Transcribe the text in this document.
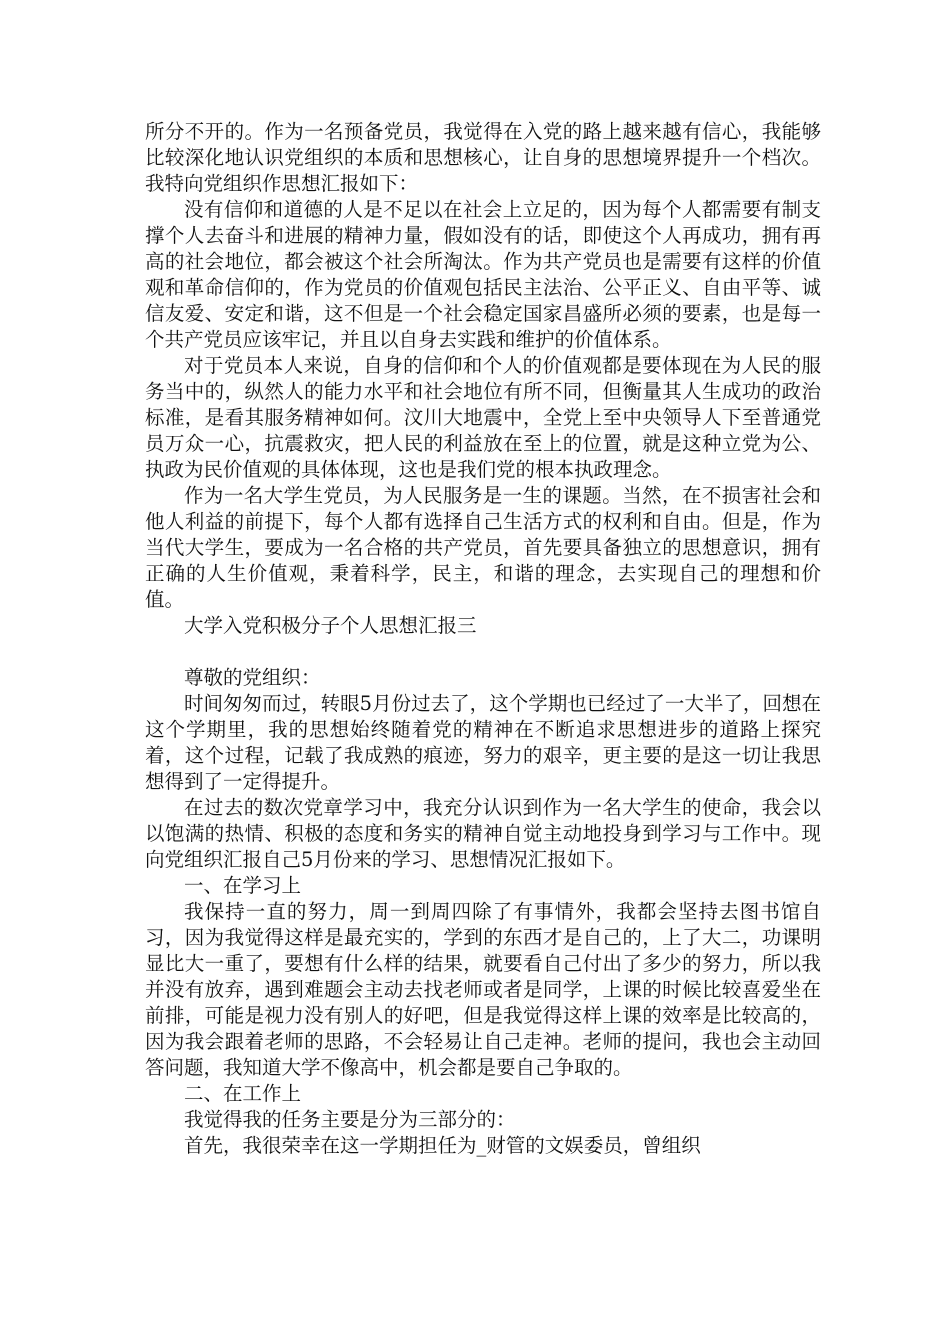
所分不开的。作为一名预备党员，我觉得在入党的路上越来越有信心，我能够比较深化地认识党组织的本质和思想核心，让自身的思想境界提升一个档次。我特向党组织作思想汇报如下：

没有信仰和道德的人是不足以在社会上立足的，因为每个人都需要有制支撑个人去奋斗和进展的精神力量，假如没有的话，即使这个人再成功，拥有再高的社会地位，都会被这个社会所淘汰。作为共产党员也是需要有这样的价值观和革命信仰的，作为党员的价值观包括民主法治、公平正义、自由平等、诚信友爱、安定和谐，这不但是一个社会稳定国家昌盛所必须的要素，也是每一个共产党员应该牢记，并且以自身去实践和维护的价值体系。

对于党员本人来说，自身的信仰和个人的价值观都是要体现在为人民的服务当中的，纵然人的能力水平和社会地位有所不同，但衡量其人生成功的政治标准，是看其服务精神如何。汶川大地震中，全党上至中央领导人下至普通党员万众一心，抗震救灾，把人民的利益放在至上的位置，就是这种立党为公、执政为民价值观的具体体现，这也是我们党的根本执政理念。

作为一名大学生党员，为人民服务是一生的课题。当然，在不损害社会和他人利益的前提下，每个人都有选择自己生活方式的权利和自由。但是，作为当代大学生，要成为一名合格的共产党员，首先要具备独立的思想意识，拥有正确的人生价值观，秉着科学，民主，和谐的理念，去实现自己的理想和价值。

大学入党积极分子个人思想汇报三

尊敬的党组织：

时间匆匆而过，转眼5月份过去了，这个学期也已经过了一大半了，回想在这个学期里，我的思想始终随着党的精神在不断追求思想进步的道路上探究着，这个过程，记载了我成熟的痕迹，努力的艰辛，更主要的是这一切让我思想得到了一定得提升。

在过去的数次党章学习中，我充分认识到作为一名大学生的使命，我会以以饱满的热情、积极的态度和务实的精神自觉主动地投身到学习与工作中。现向党组织汇报自己5月份来的学习、思想情况汇报如下。

一、在学习上

我保持一直的努力，周一到周四除了有事情外，我都会坚持去图书馆自习，因为我觉得这样是最充实的，学到的东西才是自己的，上了大二，功课明显比大一重了，要想有什么样的结果，就要看自己付出了多少的努力，所以我并没有放弃，遇到难题会主动去找老师或者是同学，上课的时候比较喜爱坐在前排，可能是视力没有别人的好吧，但是我觉得这样上课的效率是比较高的，因为我会跟着老师的思路，不会轻易让自己走神。老师的提问，我也会主动回答问题，我知道大学不像高中，机会都是要自己争取的。

二、在工作上

我觉得我的任务主要是分为三部分的：

首先，我很荣幸在这一学期担任为_财管的文娱委员，曾组织
